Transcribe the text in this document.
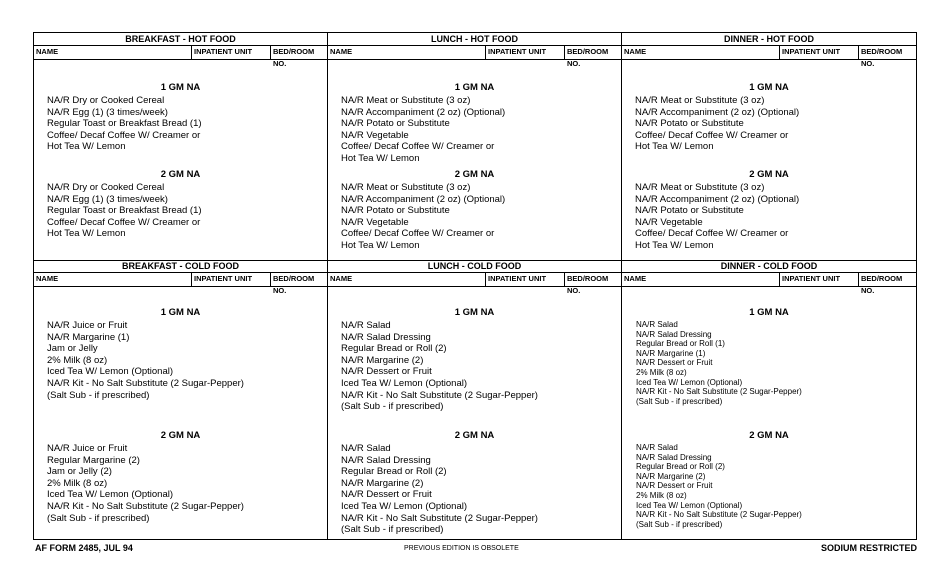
BREAKFAST - HOT FOOD
NAME	INPATIENT UNIT	BED/ROOM NO.
1 GM NA
NA/R Dry or Cooked Cereal
NA/R Egg (1) (3 times/week)
Regular Toast or Breakfast Bread (1)
Coffee/ Decaf Coffee W/ Creamer or
Hot Tea W/ Lemon
2 GM NA
NA/R Dry or Cooked Cereal
NA/R Egg (1) (3 times/week)
Regular Toast or Breakfast Bread (1)
Coffee/ Decaf Coffee W/ Creamer or
Hot Tea W/ Lemon
BREAKFAST - COLD FOOD
NAME	INPATIENT UNIT	BED/ROOM NO.
1 GM NA
NA/R Juice or Fruit
NA/R Margarine (1)
Jam or Jelly
2% Milk (8 oz)
Iced Tea W/ Lemon (Optional)
NA/R Kit - No Salt Substitute (2 Sugar-Pepper)
(Salt Sub - if prescribed)
2 GM NA
NA/R Juice or Fruit
Regular Margarine (2)
Jam or Jelly (2)
2% Milk (8 oz)
Iced Tea W/ Lemon (Optional)
NA/R Kit - No Salt Substitute (2 Sugar-Pepper)
(Salt Sub - if prescribed)
LUNCH - HOT FOOD
NAME	INPATIENT UNIT	BED/ROOM NO.
1 GM NA
NA/R Meat or Substitute (3 oz)
NA/R Accompaniment (2 oz) (Optional)
NA/R Potato or Substitute
NA/R Vegetable
Coffee/ Decaf Coffee W/ Creamer or
Hot Tea W/ Lemon
2 GM NA
NA/R Meat or Substitute (3 oz)
NA/R Accompaniment (2 oz) (Optional)
NA/R Potato or Substitute
NA/R Vegetable
Coffee/ Decaf Coffee W/ Creamer or
Hot Tea W/ Lemon
LUNCH - COLD FOOD
NAME	INPATIENT UNIT	BED/ROOM NO.
1 GM NA
NA/R Salad
NA/R Salad Dressing
Regular Bread or Roll (2)
NA/R Margarine (2)
NA/R Dessert or Fruit
Iced Tea W/ Lemon (Optional)
NA/R Kit - No Salt Substitute (2 Sugar-Pepper)
(Salt Sub - if prescribed)
2 GM NA
NA/R Salad
NA/R Salad Dressing
Regular Bread or Roll (2)
NA/R Margarine (2)
NA/R Dessert or Fruit
Iced Tea W/ Lemon (Optional)
NA/R Kit - No Salt Substitute (2 Sugar-Pepper)
(Salt Sub - if prescribed)
DINNER - HOT FOOD
NAME	INPATIENT UNIT	BED/ROOM NO.
1 GM NA
NA/R Meat or Substitute (3 oz)
NA/R Accompaniment (2 oz) (Optional)
NA/R Potato or Substitute
Coffee/ Decaf Coffee W/ Creamer or
Hot Tea W/ Lemon
2 GM NA
NA/R Meat or Substitute (3 oz)
NA/R Accompaniment (2 oz) (Optional)
NA/R Potato or Substitute
NA/R Vegetable
Coffee/ Decaf Coffee W/ Creamer or
Hot Tea W/ Lemon
DINNER - COLD FOOD
NAME	INPATIENT UNIT	BED/ROOM NO.
1 GM NA
NA/R Salad
NA/R Salad Dressing
Regular Bread or Roll (1)
NA/R Margarine (1)
NA/R Dessert or Fruit
2% Milk (8 oz)
Iced Tea W/ Lemon (Optional)
NA/R Kit - No Salt Substitute (2 Sugar-Pepper)
(Salt Sub - if prescribed)
2 GM NA
NA/R Salad
NA/R Salad Dressing
Regular Bread or Roll (2)
NA/R Margarine (2)
NA/R Dessert or Fruit
2% Milk (8 oz)
Iced Tea W/ Lemon (Optional)
NA/R Kit - No Salt Substitute (2 Sugar-Pepper)
(Salt Sub - if prescribed)
AF FORM 2485, JUL 94	PREVIOUS EDITION IS OBSOLETE	SODIUM RESTRICTED
